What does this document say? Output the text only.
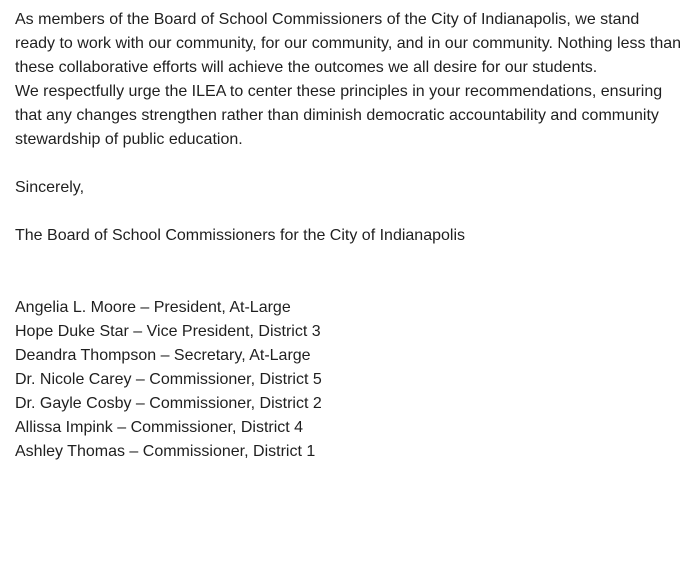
As members of the Board of School Commissioners of the City of Indianapolis, we stand ready to work with our community, for our community, and in our community. Nothing less than these collaborative efforts will achieve the outcomes we all desire for our students.
We respectfully urge the ILEA to center these principles in your recommendations, ensuring that any changes strengthen rather than diminish democratic accountability and community stewardship of public education.

Sincerely,

The Board of School Commissioners for the City of Indianapolis

Angelia L. Moore – President, At-Large

Hope Duke Star – Vice President, District 3

Deandra Thompson – Secretary, At-Large

Dr. Nicole Carey – Commissioner, District 5

Dr. Gayle Cosby – Commissioner, District 2

Allissa Impink – Commissioner, District 4

Ashley Thomas – Commissioner, District 1
